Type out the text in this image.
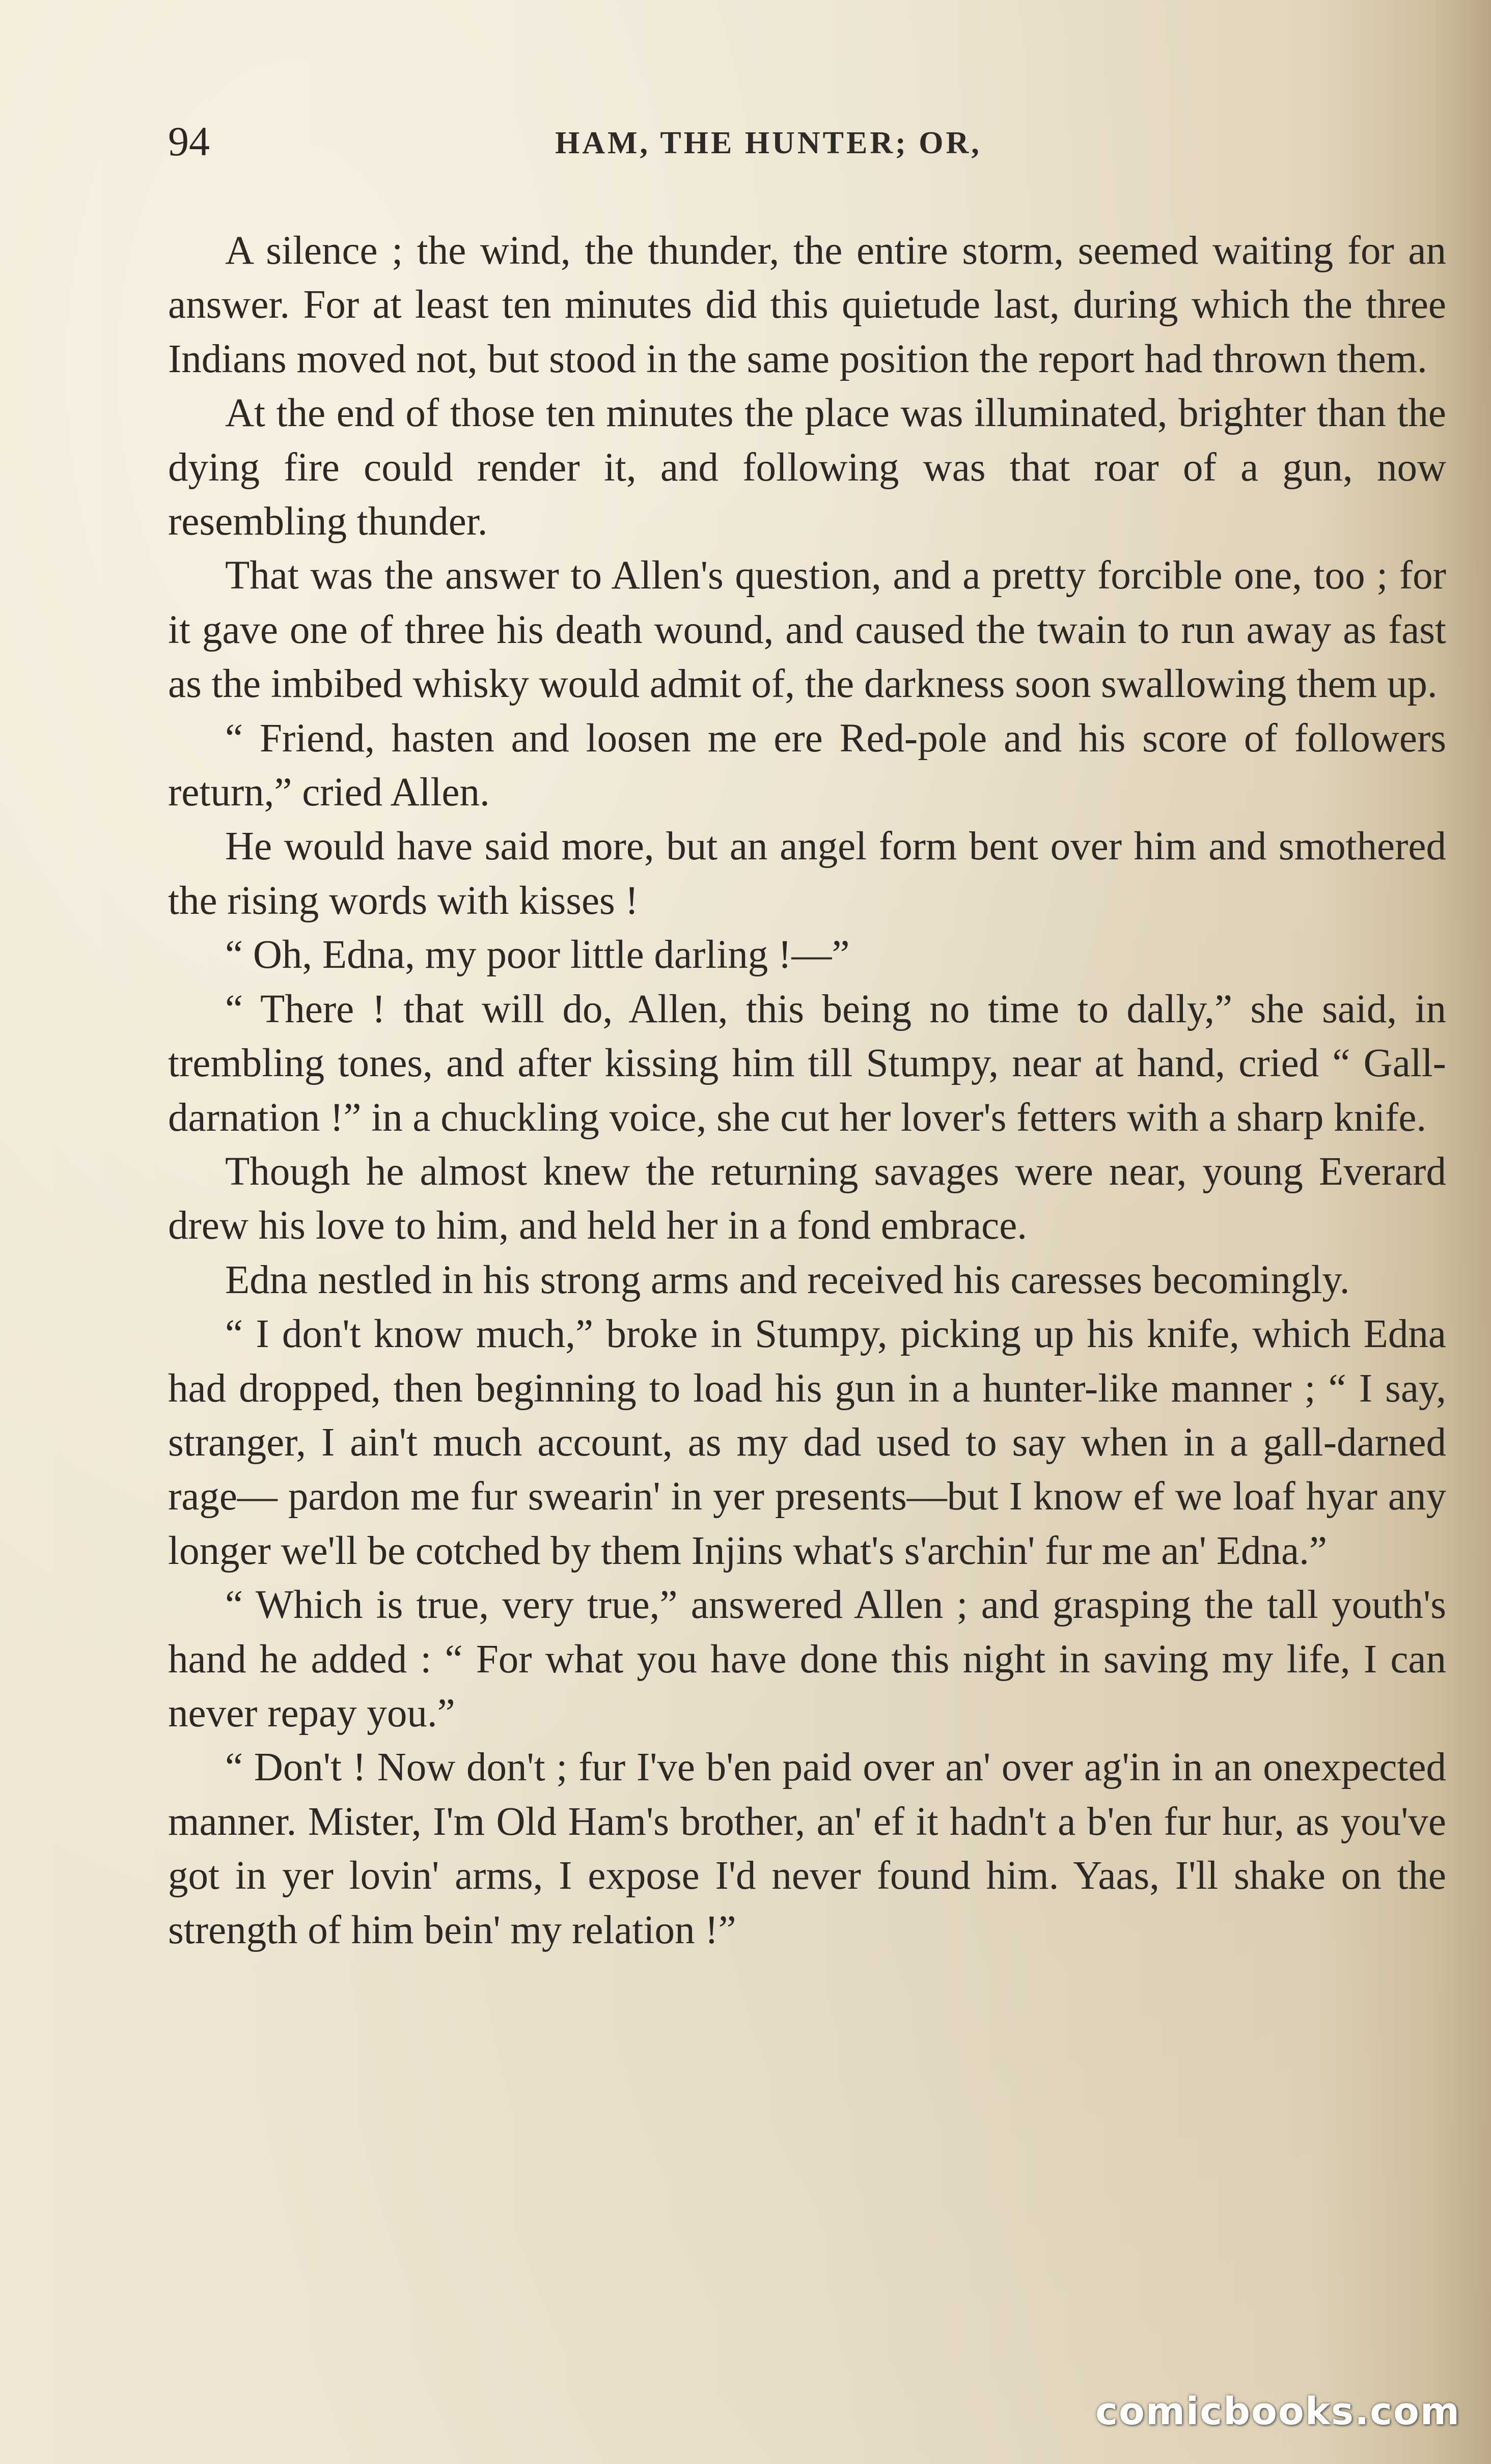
94	HAM, THE HUNTER; OR,

A silence ; the wind, the thunder, the entire storm, seemed waiting for an answer. For at least ten minutes did this quietude last, during which the three Indians moved not, but stood in the same position the report had thrown them.

At the end of those ten minutes the place was illuminated, brighter than the dying fire could render it, and following was that roar of a gun, now resembling thunder.

That was the answer to Allen's question, and a pretty forcible one, too ; for it gave one of three his death wound, and caused the twain to run away as fast as the imbibed whisky would admit of, the darkness soon swallowing them up.

“ Friend, hasten and loosen me ere Red-pole and his score of followers return,” cried Allen.

He would have said more, but an angel form bent over him and smothered the rising words with kisses !

“ Oh, Edna, my poor little darling !—”

“ There ! that will do, Allen, this being no time to dally,” she said, in trembling tones, and after kissing him till Stumpy, near at hand, cried “ Gall-darnation !” in a chuckling voice, she cut her lover's fetters with a sharp knife.

Though he almost knew the returning savages were near, young Everard drew his love to him, and held her in a fond embrace.

Edna nestled in his strong arms and received his caresses becomingly.

“ I don't know much,” broke in Stumpy, picking up his knife, which Edna had dropped, then beginning to load his gun in a hunter-like manner ; “ I say, stranger, I ain't much account, as my dad used to say when in a gall-darned rage— pardon me fur swearin' in yer presents—but I know ef we loaf hyar any longer we'll be cotched by them Injins what's s'archin' fur me an' Edna.”

“ Which is true, very true,” answered Allen ; and grasping the tall youth's hand he added : “ For what you have done this night in saving my life, I can never repay you.”

“ Don't ! Now don't ; fur I've b'en paid over an' over ag'in in an onexpected manner. Mister, I'm Old Ham's brother, an' ef it hadn't a b'en fur hur, as you've got in yer lovin' arms, I expose I'd never found him. Yaas, I'll shake on the strength of him bein' my relation !”

comicbooks.com
